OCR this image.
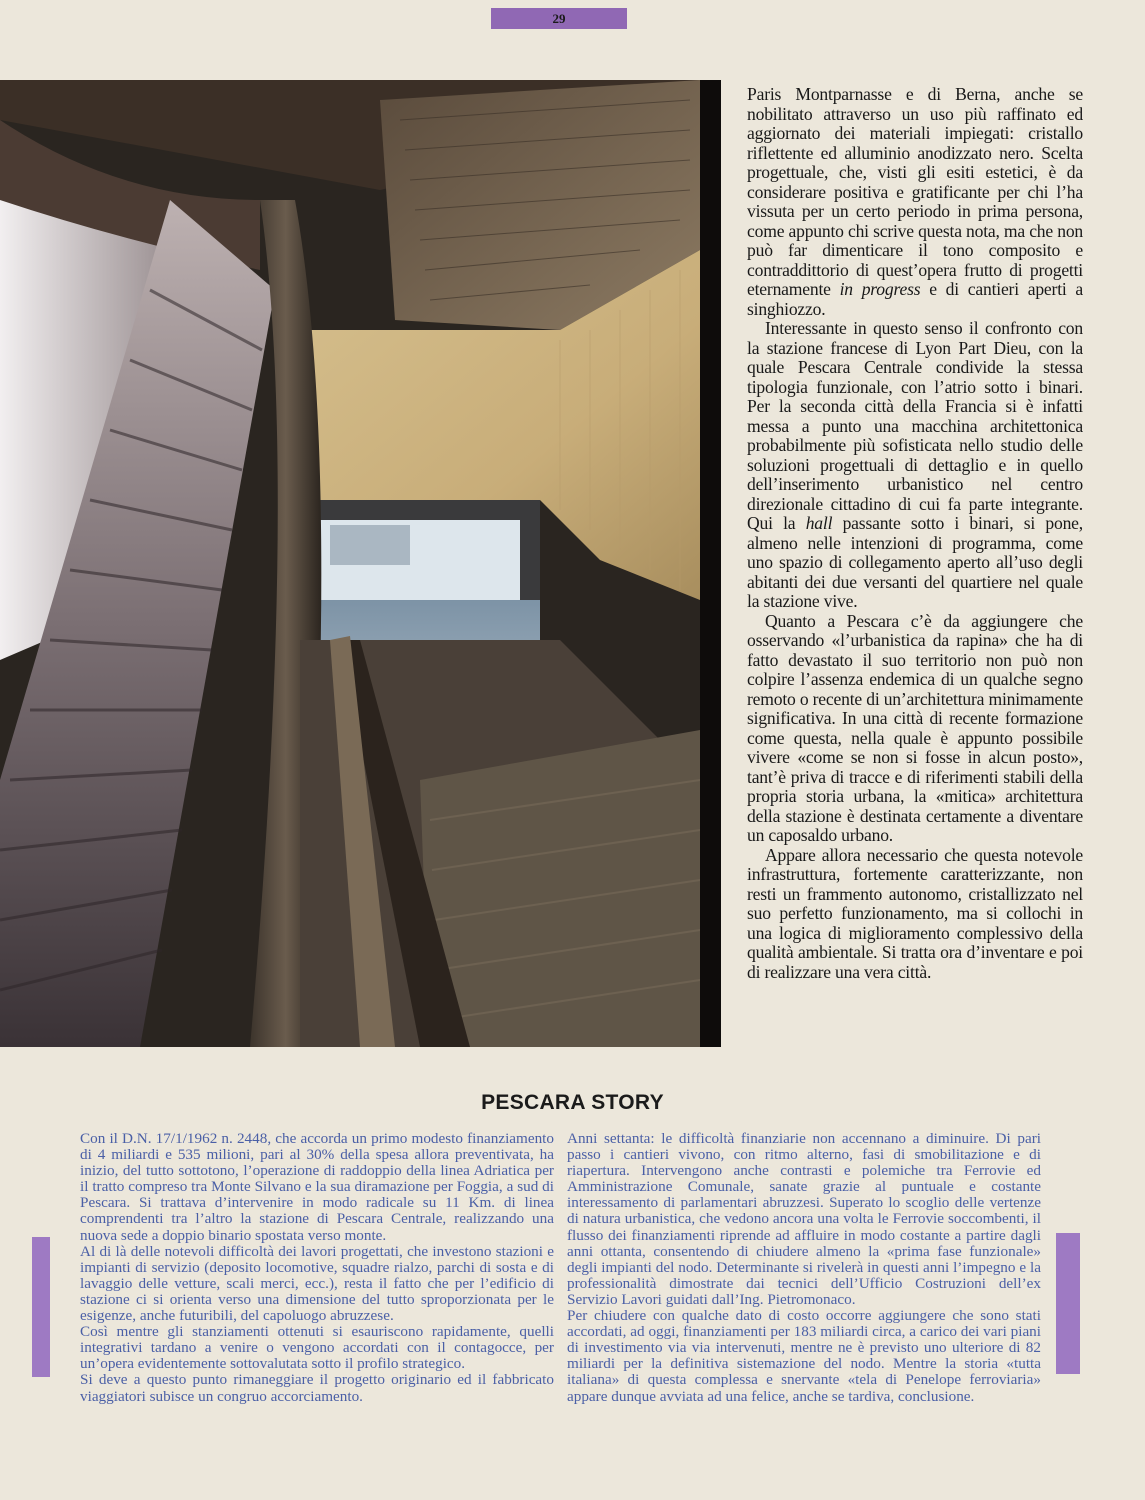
29

Paris Montparnasse e di Berna, anche se nobilitato attraverso un uso più raffinato ed aggiornato dei materiali impiegati: cristallo riflettente ed alluminio anodizzato nero. Scelta progettuale, che, visti gli esiti estetici, è da considerare positiva e gratificante per chi l’ha vissuta per un certo periodo in prima persona, come appunto chi scrive questa nota, ma che non può far dimenticare il tono composito e contraddittorio di quest’opera frutto di progetti eternamente in progress e di cantieri aperti a singhiozzo.

Interessante in questo senso il confronto con la stazione francese di Lyon Part Dieu, con la quale Pescara Centrale condivide la stessa tipologia funzionale, con l’atrio sotto i binari. Per la seconda città della Francia si è infatti messa a punto una macchina architettonica probabilmente più sofisticata nello studio delle soluzioni progettuali di dettaglio e in quello dell’inserimento urbanistico nel centro direzionale cittadino di cui fa parte integrante. Qui la hall passante sotto i binari, si pone, almeno nelle intenzioni di programma, come uno spazio di collegamento aperto all’uso degli abitanti dei due versanti del quartiere nel quale la stazione vive.

Quanto a Pescara c’è da aggiungere che osservando «l’urbanistica da rapina» che ha di fatto devastato il suo territorio non può non colpire l’assenza endemica di un qualche segno remoto o recente di un’architettura minimamente significativa. In una città di recente formazione come questa, nella quale è appunto possibile vivere «come se non si fosse in alcun posto», tant’è priva di tracce e di riferimenti stabili della propria storia urbana, la «mitica» architettura della stazione è destinata certamente a diventare un caposaldo urbano.

Appare allora necessario che questa notevole infrastruttura, fortemente caratterizzante, non resti un frammento autonomo, cristallizzato nel suo perfetto funzionamento, ma si collochi in una logica di miglioramento complessivo della qualità ambientale. Si tratta ora d’inventare e poi di realizzare una vera città.

PESCARA STORY

Con il D.N. 17/1/1962 n. 2448, che accorda un primo modesto finanziamento di 4 miliardi e 535 milioni, pari al 30% della spesa allora preventivata, ha inizio, del tutto sottotono, l’operazione di raddoppio della linea Adriatica per il tratto compreso tra Monte Silvano e la sua diramazione per Foggia, a sud di Pescara. Si trattava d’intervenire in modo radicale su 11 Km. di linea comprendenti tra l’altro la stazione di Pescara Centrale, realizzando una nuova sede a doppio binario spostata verso monte.

Al di là delle notevoli difficoltà dei lavori progettati, che investono stazioni e impianti di servizio (deposito locomotive, squadre rialzo, parchi di sosta e di lavaggio delle vetture, scali merci, ecc.), resta il fatto che per l’edificio di stazione ci si orienta verso una dimensione del tutto sproporzionata per le esigenze, anche futuribili, del capoluogo abruzzese.

Così mentre gli stanziamenti ottenuti si esauriscono rapidamente, quelli integrativi tardano a venire o vengono accordati con il contagocce, per un’opera evidentemente sottovalutata sotto il profilo strategico.

Si deve a questo punto rimaneggiare il progetto originario ed il fabbricato viaggiatori subisce un congruo accorciamento.

Anni settanta: le difficoltà finanziarie non accennano a diminuire. Di pari passo i cantieri vivono, con ritmo alterno, fasi di smobilitazione e di riapertura. Intervengono anche contrasti e polemiche tra Ferrovie ed Amministrazione Comunale, sanate grazie al puntuale e costante interessamento di parlamentari abruzzesi. Superato lo scoglio delle vertenze di natura urbanistica, che vedono ancora una volta le Ferrovie soccombenti, il flusso dei finanziamenti riprende ad affluire in modo costante a partire dagli anni ottanta, consentendo di chiudere almeno la «prima fase funzionale» degli impianti del nodo. Determinante si rivelerà in questi anni l’impegno e la professionalità dimostrate dai tecnici dell’Ufficio Costruzioni dell’ex Servizio Lavori guidati dall’Ing. Pietromonaco.

Per chiudere con qualche dato di costo occorre aggiungere che sono stati accordati, ad oggi, finanziamenti per 183 miliardi circa, a carico dei vari piani di investimento via via intervenuti, mentre ne è previsto uno ulteriore di 82 miliardi per la definitiva sistemazione del nodo. Mentre la storia «tutta italiana» di questa complessa e snervante «tela di Penelope ferroviaria» appare dunque avviata ad una felice, anche se tardiva, conclusione.
